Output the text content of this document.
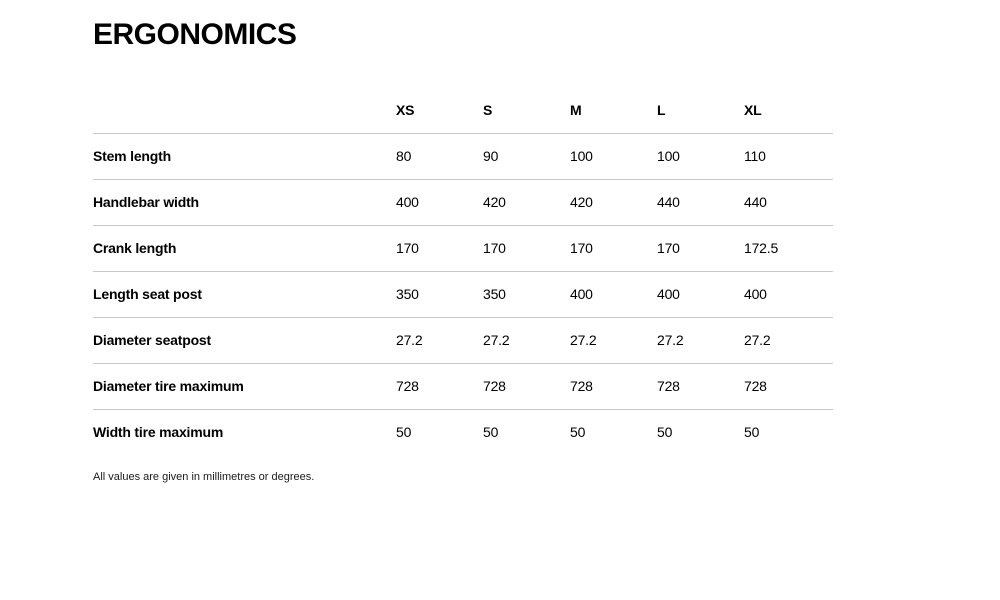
ERGONOMICS
	XS	S	M	L	XL
Stem length	80	90	100	100	110
Handlebar width	400	420	420	440	440
Crank length	170	170	170	170	172.5
Length seat post	350	350	400	400	400
Diameter seatpost	27.2	27.2	27.2	27.2	27.2
Diameter tire maximum	728	728	728	728	728
Width tire maximum	50	50	50	50	50

All values are given in millimetres or degrees.
